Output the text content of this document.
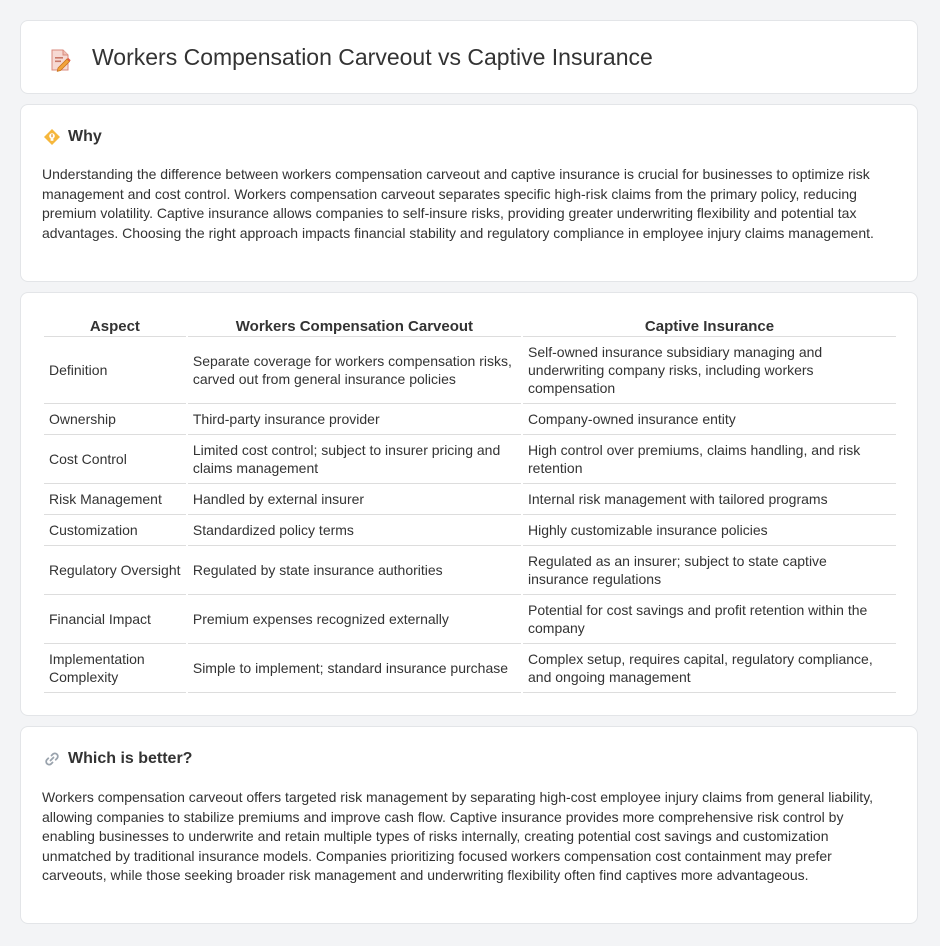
Workers Compensation Carveout vs Captive Insurance
Why
Understanding the difference between workers compensation carveout and captive insurance is crucial for businesses to optimize risk management and cost control. Workers compensation carveout separates specific high-risk claims from the primary policy, reducing premium volatility. Captive insurance allows companies to self-insure risks, providing greater underwriting flexibility and potential tax advantages. Choosing the right approach impacts financial stability and regulatory compliance in employee injury claims management.
Aspect	Workers Compensation Carveout	Captive Insurance
Definition	Separate coverage for workers compensation risks, carved out from general insurance policies	Self-owned insurance subsidiary managing and underwriting company risks, including workers compensation
Ownership	Third-party insurance provider	Company-owned insurance entity
Cost Control	Limited cost control; subject to insurer pricing and claims management	High control over premiums, claims handling, and risk retention
Risk Management	Handled by external insurer	Internal risk management with tailored programs
Customization	Standardized policy terms	Highly customizable insurance policies
Regulatory Oversight	Regulated by state insurance authorities	Regulated as an insurer; subject to state captive insurance regulations
Financial Impact	Premium expenses recognized externally	Potential for cost savings and profit retention within the company
Implementation Complexity	Simple to implement; standard insurance purchase	Complex setup, requires capital, regulatory compliance, and ongoing management
Which is better?
Workers compensation carveout offers targeted risk management by separating high-cost employee injury claims from general liability, allowing companies to stabilize premiums and improve cash flow. Captive insurance provides more comprehensive risk control by enabling businesses to underwrite and retain multiple types of risks internally, creating potential cost savings and customization unmatched by traditional insurance models. Companies prioritizing focused workers compensation cost containment may prefer carveouts, while those seeking broader risk management and underwriting flexibility often find captives more advantageous.
